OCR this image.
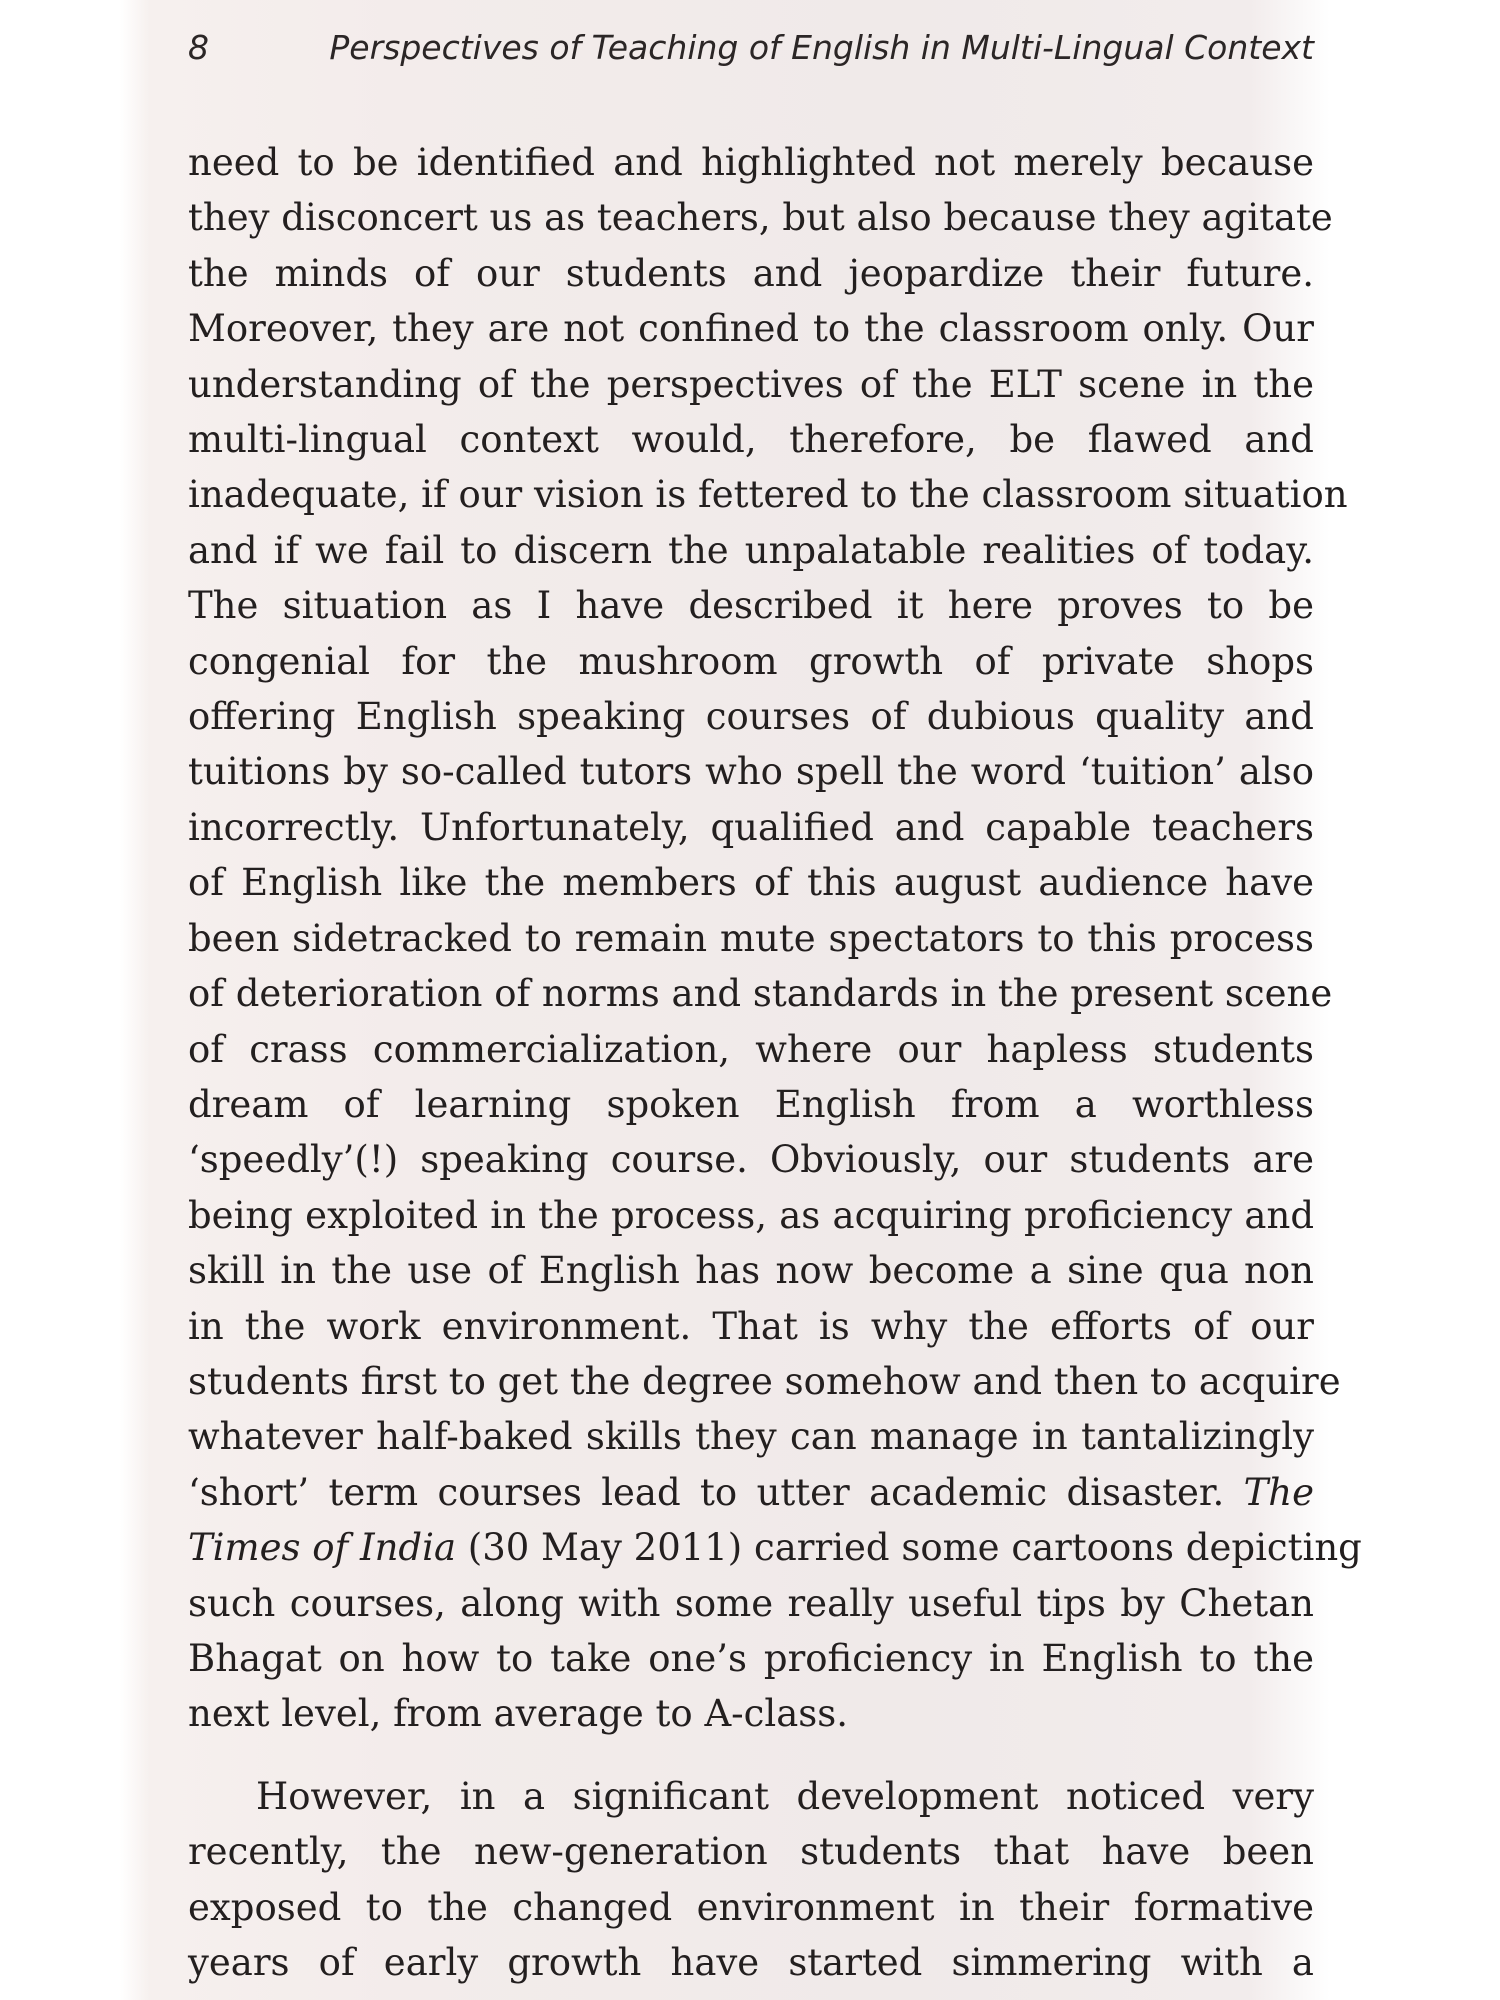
8	Perspectives of Teaching of English in Multi-Lingual Context
need to be identified and highlighted not merely because
they disconcert us as teachers, but also because they agitate
the minds of our students and jeopardize their future.
Moreover, they are not confined to the classroom only. Our
understanding of the perspectives of the ELT scene in the
multi-lingual context would, therefore, be flawed and
inadequate, if our vision is fettered to the classroom situation
and if we fail to discern the unpalatable realities of today.
The situation as I have described it here proves to be
congenial for the mushroom growth of private shops
offering English speaking courses of dubious quality and
tuitions by so-called tutors who spell the word ‘tuition’ also
incorrectly. Unfortunately, qualified and capable teachers
of English like the members of this august audience have
been sidetracked to remain mute spectators to this process
of deterioration of norms and standards in the present scene
of crass commercialization, where our hapless students
dream of learning spoken English from a worthless
‘speedly’(!) speaking course. Obviously, our students are
being exploited in the process, as acquiring proficiency and
skill in the use of English has now become a sine qua non
in the work environment. That is why the efforts of our
students first to get the degree somehow and then to acquire
whatever half-baked skills they can manage in tantalizingly
‘short’ term courses lead to utter academic disaster. The
Times of India (30 May 2011) carried some cartoons depicting
such courses, along with some really useful tips by Chetan
Bhagat on how to take one’s proficiency in English to the
next level, from average to A-class.
However, in a significant development noticed very
recently, the new-generation students that have been
exposed to the changed environment in their formative
years of early growth have started simmering with a
